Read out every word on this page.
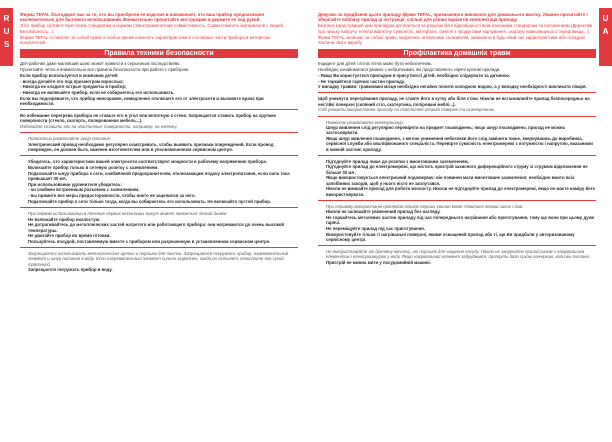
R
U
S
U
A

Фирма TEFAL благодарит вас за то, что вы приобрели ее изделие и напоминает, что ваш прибор предназначен исключительно для бытового использования. Внимательно прочитайте инструкцию и держите ее под рукой.

Этот прибор соответствует всем стандартам и нормам (Электромагнитная совместимость, Совместимость материалов с пищей, Безопасность...).

Фирма TEFAL оставляет за собой право в любое время изменять характеристики и составные части прибора в интересах покупателей.

Правила техники безопасности

Для рабочих даже малейший шанс может привести к серьезным последствиям.

Прочитайте четко и внимательно все правила безопасности при работе с прибором.

Если прибор используется в компании детей:

- всегда делайте это под присмотром взрослых;

- Никогда не кладите острые предметы в прибор;

- Никогда не включайте прибор, если не собираетесь его использовать.

Если вы подозреваете, что прибор неисправен, немедленно отключите его от электросети и вызовите врача при необходимости.

Во избежание перегрева прибора не ставьте его в угол или вплотную к стене. Запрещается ставить прибор на хрупкие поверхности (стекло, скатерть, полированная мебель...).

Избегайте ставить его на эластичные поверхности, например, на клеенку.

Полностью размотайте шнур питания.

Электрический провод необходимо регулярно осматривать, чтобы выявить признаки повреждений. Если провод поврежден, он должен быть заменен изготовителем или в уполномоченном сервисном центре.

Убедитесь, что характеристики вашей электросети соответствуют мощности и рабочему напряжению прибора.

Включайте прибор только в сетевую розетку с заземлением.

Подключайте шнур прибора к сети, снабжённой предохранителем, отключающим подачу электропитания, если сила тока превышает 30 мА.

При использовании удлинителя убедитесь:

- он снабжен встроенным разъемом с заземлением;

- вы примите все меры предосторожности, чтобы никто не зацепился за него.

Подключайте прибор к сети только тогда, когда вы собираетесь его использовать. Не включайте пустой прибор.

При первом использовании в течение первых нескольких минут может появиться легкий дымок.

Не включайте прибор вхолостую.

Не дотрагивайтесь до металлических частей нагретого или работающего прибора: они нагреваются до очень высокой температуры.

Не двигайте прибор во время готовки.

Пользуйтесь посудой, поставляемую вместе с прибором или разрешенную в установленном сервисном центре.

Запрещается использовать металлические щетки и порошок для чистки. Запрещается погружать прибор, нагревательный элемент и шнур питания в воду. Если нагревательный элемент сильно загрязнен, когда он остынет, почистите его сухой тряпочкой.

Запрещается погружать прибор в воду.

Дякуємо за придбання цього приладу фірми TEFAL, призначеного виключно для домашнього вжитку. Уважно прочитайте і зберігайте поблизу прилад ці інструкції, спільні для різних варіантів комплектації приладу.

Безпека користування цим приладом досягається за рахунок його відповідності всім належним стандартам та положенням (Директиві про низьку напругу, електромагнітну сумісність, матеріали, сумісні з продуктами харчування, охорону навколишнього середовища...).

Фірма TEFAL залишає за собою право, керуючись інтересами споживачів, змінювати в будь-який час характеристики або складові частини свого виробу.

Профілактика домашніх травм

Інцидент для дітей і літніх літніх може бути небезпечним.

Необхідно ознайомитися уважно з небезпеками, які представляють гарячі кухонні прилади.

- Якщо Ви користуєтеся приладом в присутності дітей, необхідно слідкувати за дитиною.

- Не торкайтеся гарячих частин приладу.

У випадку травми: травмовані місця необхідно негайно полити холодною водою, а у випадку необхідності викликати лікаря.

Щоб уникнути перегрівання приладу, не ставте його в кутку або біля стіни. Ніколи не встановлюйте прилад безпосередньо на нестійкі поверхні (скляний стіл, скатертина, поліровані меблі...).

Слід уникати використання приладу на пластичній опорній поверхні та скатертинах.

Повністю розмотайте електрошнур.

Шнур живлення слід регулярно перевіряти на предмет пошкоджень; якщо шнур пошкоджено, прилад не можна застосовувати.

Якщо шнур живлення пошкоджено, з метою уникнення небезпеки його слід замінити лише, звернувшись до виробника, сервісної служби або кваліфікованого спеціаліста. Перевірте сумісність електромережі з потужністю і напругою, вказаними в нижній частині приладу.

Під'єднуйте прилад лише до розетки з вмонтованим заземленням.

Під'єднуйте прилад до електромережі, що містить пристрій захисного диференційного струму зі струмом відключення не більше 30 мА.

Якщо використовується електричний подовжувач: він повинен мати вмонтоване заземлення; необхідно вжити всіх запобіжних заходів, щоб у нього ніхто не заплутався.

Ніколи не вмикайте прилад для роботи вхолосту. Ніколи не під'єднуйте прилад до електромережі, якщо не маєте наміру його використовувати.

При першому використанні протягом кількох перших хвилин може з'явитися легкий запах і дим.

Ніколи не залишайте увімкнений прилад без нагляду.

Не торкайтесь металевих частин приладу під час попереднього нагрівання або приготування, тому що вони при цьому дуже гарячі.

Не переміщуйте прилад під час приготування.

Використовуйте тільки ті нагрівальні поверхні, якими оснащений прилад або ті, що Ви придбали у авторизованому сервісному центрі.

Не використовуйте ані дротяну мочалку, ані порошок для чищення посуду. Ніколи не занурюйте прилад разом з нагрівальним елементом і електрошнуром у воду. Якщо нагрівальний елемент забруднився, протріть його сухою ганчіркою, коли він охолоне.

Пристрій не можна мити у посудомийній машині.
